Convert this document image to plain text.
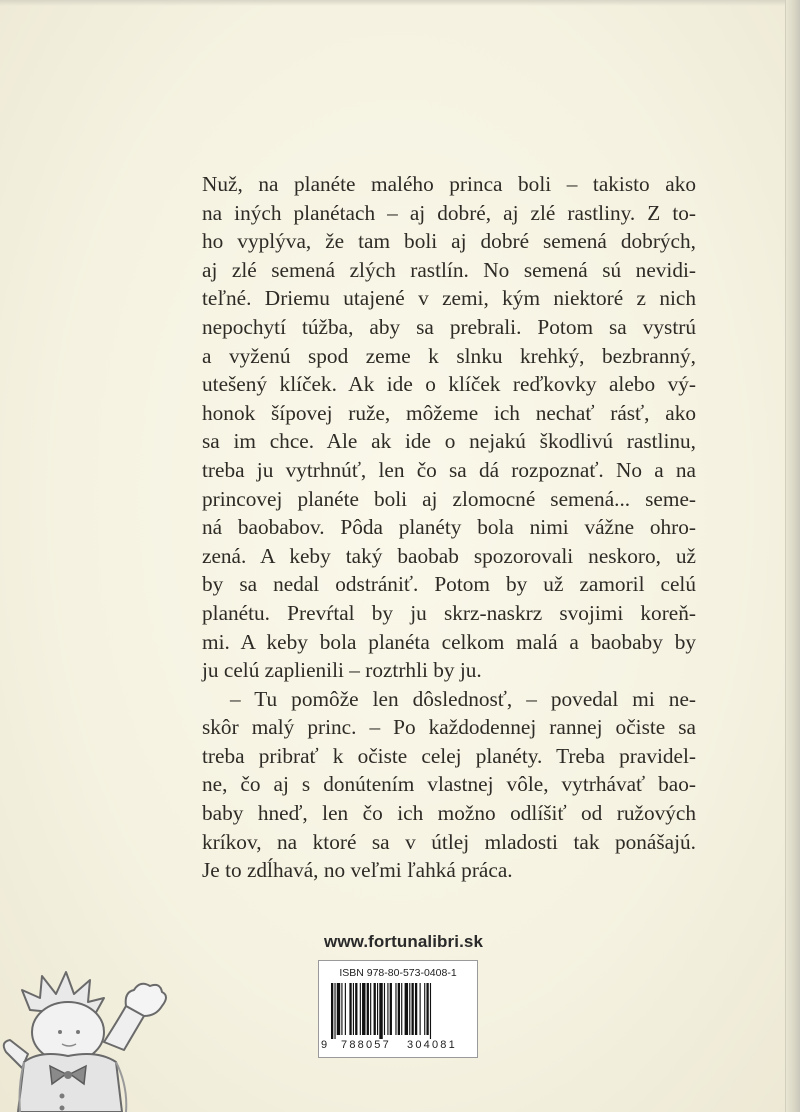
Nuž, na planéte malého princa boli – takisto ako
na iných planétach – aj dobré, aj zlé rastliny. Z to-
ho vyplýva, že tam boli aj dobré semená dobrých,
aj zlé semená zlých rastlín. No semená sú nevidi-
teľné. Driemu utajené v zemi, kým niektoré z nich
nepochytí túžba, aby sa prebrali. Potom sa vystrú
a vyženú spod zeme k slnku krehký, bezbranný,
utešený klíček. Ak ide o klíček reďkovky alebo vý-
honok šípovej ruže, môžeme ich nechať rásť, ako
sa im chce. Ale ak ide o nejakú škodlivú rastlinu,
treba ju vytrhnúť, len čo sa dá rozpoznať. No a na
princovej planéte boli aj zlomocné semená... seme-
ná baobabov. Pôda planéty bola nimi vážne ohro-
zená. A keby taký baobab spozorovali neskoro, už
by sa nedal odstrániť. Potom by už zamoril celú
planétu. Prevŕtal by ju skrz-naskrz svojimi koreň-
mi. A keby bola planéta celkom malá a baobaby by
ju celú zaplienili – roztrhli by ju.
– Tu pomôže len dôslednosť, – povedal mi ne-
skôr malý princ. – Po každodennej rannej očiste sa
treba pribrať k očiste celej planéty. Treba pravidel-
ne, čo aj s donútením vlastnej vôle, vytrhávať bao-
baby hneď, len čo ich možno odlíšiť od ružových
kríkov, na ktoré sa v útlej mladosti tak ponášajú.
Je to zdĺhavá, no veľmi ľahká práca.
www.fortunalibri.sk
ISBN 978-80-573-0408-1
9 788057 304081
